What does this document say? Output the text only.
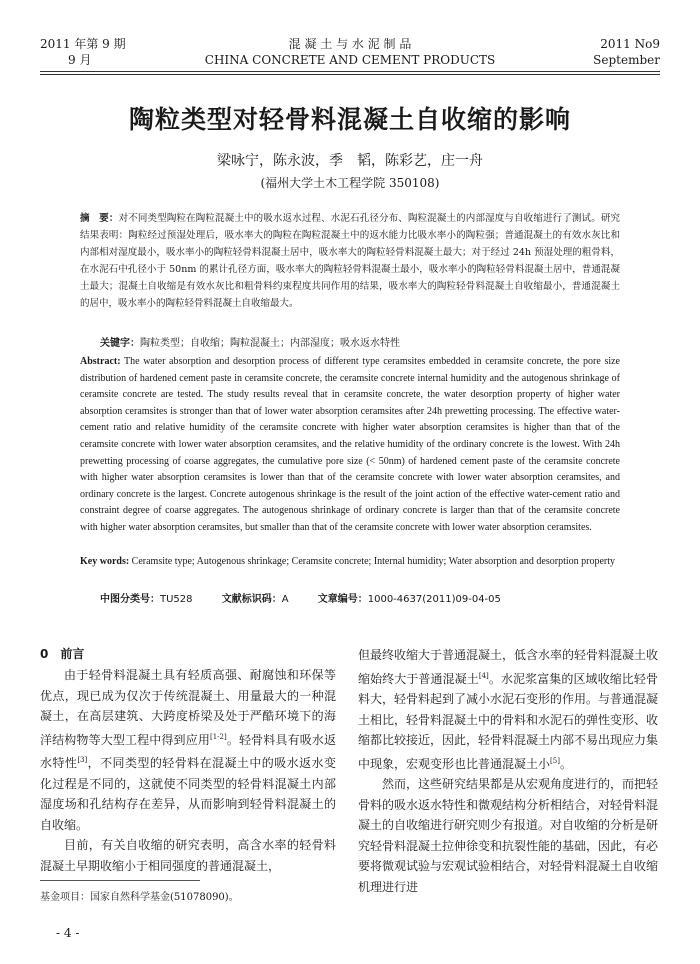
2011 年第 9 期
9 月
混 凝 土 与 水 泥 制 品
CHINA CONCRETE AND CEMENT PRODUCTS
2011 No9
September
陶粒类型对轻骨料混凝土自收缩的影响
梁咏宁，陈永波，季　韬，陈彩艺，庄一舟
(福州大学土木工程学院 350108)
摘　要：对不同类型陶粒在陶粒混凝土中的吸水返水过程、水泥石孔径分布、陶粒混凝土的内部湿度与自收缩进行了测试。研究结果表明：陶粒经过预湿处理后，吸水率大的陶粒在陶粒混凝土中的返水能力比吸水率小的陶粒强；普通混凝土的有效水灰比和内部相对湿度最小，吸水率小的陶粒轻骨料混凝土居中，吸水率大的陶粒轻骨料混凝土最大；对于经过 24h 预湿处理的粗骨料，在水泥石中孔径小于 50nm 的累计孔径方面，吸水率大的陶粒轻骨料混凝土最小，吸水率小的陶粒轻骨料混凝土居中，普通混凝土最大；混凝土自收缩是有效水灰比和粗骨料约束程度共同作用的结果，吸水率大的陶粒轻骨料混凝土自收缩最小，普通混凝土的居中，吸水率小的陶粒轻骨料混凝土自收缩最大。
关键字：陶粒类型；自收缩；陶粒混凝土；内部湿度；吸水返水特性
Abstract: The water absorption and desorption process of different type ceramsites embedded in ceramsite concrete, the pore size distribution of hardened cement paste in ceramsite concrete, the ceramsite concrete internal humidity and the autogenous shrinkage of ceramsite concrete are tested. The study results reveal that in ceramsite concrete, the water desorption property of higher water absorption ceramsites is stronger than that of lower water absorption ceramsites after 24h prewetting processing. The effective water-cement ratio and relative humidity of the ceramsite concrete with higher water absorption ceramsites is higher than that of the ceramsite concrete with lower water absorption ceramsites, and the relative humidity of the ordinary concrete is the lowest. With 24h prewetting processing of coarse aggregates, the cumulative pore size (< 50nm) of hardened cement paste of the ceramsite concrete with higher water absorption ceramsites is lower than that of the ceramsite concrete with lower water absorption ceramsites, and ordinary concrete is the largest. Concrete autogenous shrinkage is the result of the joint action of the effective water-cement ratio and constraint degree of coarse aggregates. The autogenous shrinkage of ordinary concrete is larger than that of the ceramsite concrete with higher water absorption ceramsites, but smaller than that of the ceramsite concrete with lower water absorption ceramsites.
Key words: Ceramsite type; Autogenous shrinkage; Ceramsite concrete; Internal humidity; Water absorption and desorption property
中图分类号：TU528	文献标识码：A	文章编号：1000-4637(2011)09-04-05
0　前言

由于轻骨料混凝土具有轻质高强、耐腐蚀和环保等优点，现已成为仅次于传统混凝土、用量最大的一种混凝土，在高层建筑、大跨度桥梁及处于严酷环境下的海洋结构物等大型工程中得到应用[1-2]。轻骨料具有吸水返水特性[3]，不同类型的轻骨料在混凝土中的吸水返水变化过程是不同的，这就使不同类型的轻骨料混凝土内部湿度场和孔结构存在差异，从而影响到轻骨料混凝土的自收缩。

目前，有关自收缩的研究表明，高含水率的轻骨料混凝土早期收缩小于相同强度的普通混凝土，

但最终收缩大于普通混凝土，低含水率的轻骨料混凝土收缩始终大于普通混凝土[4]。水泥浆富集的区域收缩比轻骨料大，轻骨料起到了减小水泥石变形的作用。与普通混凝土相比，轻骨料混凝土中的骨料和水泥石的弹性变形、收缩都比较接近，因此，轻骨料混凝土内部不易出现应力集中现象，宏观变形也比普通混凝土小[5]。

然而，这些研究结果都是从宏观角度进行的，而把轻骨料的吸水返水特性和微观结构分析相结合，对轻骨料混凝土的自收缩进行研究则少有报道。对自收缩的分析是研究轻骨料混凝土拉伸徐变和抗裂性能的基础，因此，有必要将微观试验与宏观试验相结合，对轻骨料混凝土自收缩机理进行进

基金项目：国家自然科学基金(51078090)。
- 4 -
